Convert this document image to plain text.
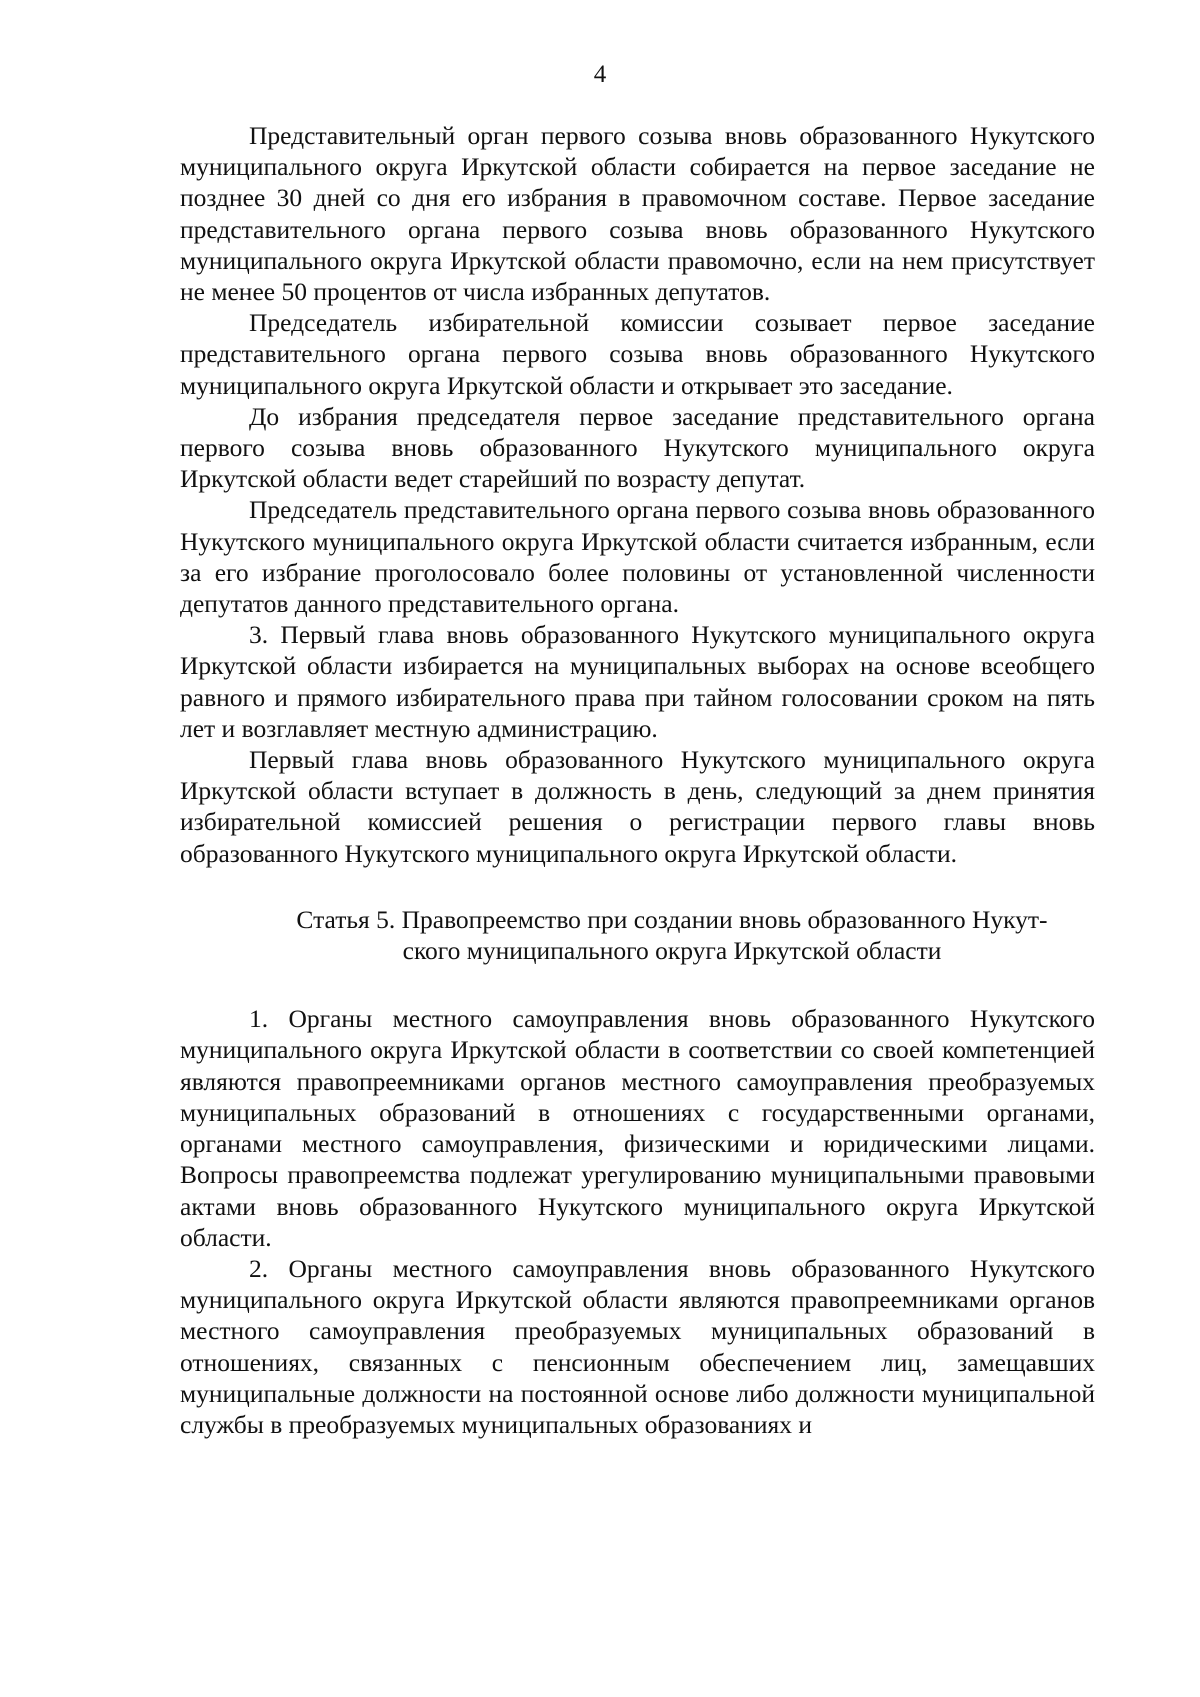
4

Представительный орган первого созыва вновь образованного Нукутского муниципального округа Иркутской области собирается на первое заседание не позднее 30 дней со дня его избрания в правомочном составе. Первое заседание представительного органа первого созыва вновь образованного Нукутского муниципального округа Иркутской области правомочно, если на нем присутствует не менее 50 процентов от числа избранных депутатов.

Председатель избирательной комиссии созывает первое заседание представительного органа первого созыва вновь образованного Нукутского муниципального округа Иркутской области и открывает это заседание.

До избрания председателя первое заседание представительного органа первого созыва вновь образованного Нукутского муниципального округа Иркутской области ведет старейший по возрасту депутат.

Председатель представительного органа первого созыва вновь образованного Нукутского муниципального округа Иркутской области считается избранным, если за его избрание проголосовало более половины от установленной численности депутатов данного представительного органа.

3. Первый глава вновь образованного Нукутского муниципального округа Иркутской области избирается на муниципальных выборах на основе всеобщего равного и прямого избирательного права при тайном голосовании сроком на пять лет и возглавляет местную администрацию.

Первый глава вновь образованного Нукутского муниципального округа Иркутской области вступает в должность в день, следующий за днем принятия избирательной комиссией решения о регистрации первого главы вновь образованного Нукутского муниципального округа Иркутской области.

Статья 5. Правопреемство при создании вновь образованного Нукут-
ского муниципального округа Иркутской области

1. Органы местного самоуправления вновь образованного Нукутского муниципального округа Иркутской области в соответствии со своей компетенцией являются правопреемниками органов местного самоуправления преобразуемых муниципальных образований в отношениях с государственными органами, органами местного самоуправления, физическими и юридическими лицами. Вопросы правопреемства подлежат урегулированию муниципальными правовыми актами вновь образованного Нукутского муниципального округа Иркутской области.

2. Органы местного самоуправления вновь образованного Нукутского муниципального округа Иркутской области являются правопреемниками органов местного самоуправления преобразуемых муниципальных образований в отношениях, связанных с пенсионным обеспечением лиц, замещавших муниципальные должности на постоянной основе либо должности муниципальной службы в преобразуемых муниципальных образованиях и
